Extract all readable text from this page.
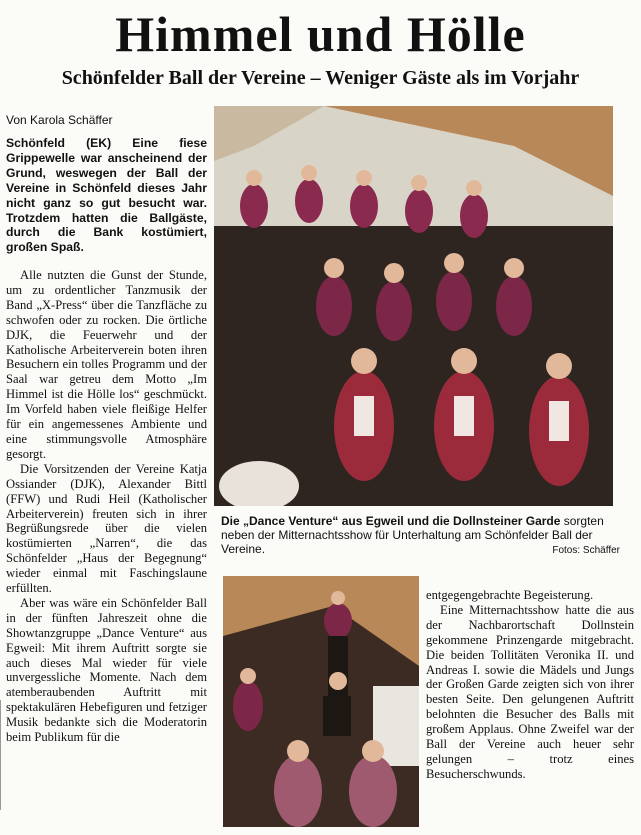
Himmel und Hölle
Schönfelder Ball der Vereine – Weniger Gäste als im Vorjahr
Von Karola Schäffer
Schönfeld (EK) Eine fiese Grippewelle war anscheinend der Grund, weswegen der Ball der Vereine in Schönfeld dieses Jahr nicht ganz so gut besucht war. Trotzdem hatten die Ballgäste, durch die Bank kostümiert, großen Spaß.

Alle nutzten die Gunst der Stunde, um zu ordentlicher Tanzmusik der Band „X-Press“ über die Tanzfläche zu schwofen oder zu rocken. Die örtliche DJK, die Feuerwehr und der Katholische Arbeiterverein boten ihren Besuchern ein tolles Programm und der Saal war getreu dem Motto „Im Himmel ist die Hölle los“ geschmückt. Im Vorfeld haben viele fleißige Helfer für ein angemessenes Ambiente und eine stimmungsvolle Atmosphäre gesorgt.

Die Vorsitzenden der Vereine Katja Ossiander (DJK), Alexander Bittl (FFW) und Rudi Heil (Katholischer Arbeiterverein) freuten sich in ihrer Begrüßungsrede über die vielen kostümierten „Narren“, die das Schönfelder „Haus der Begegnung“ wieder einmal mit Faschingslaune erfüllten.

Aber was wäre ein Schönfelder Ball in der fünften Jahreszeit ohne die Showtanzgruppe „Dance Venture“ aus Egweil: Mit ihrem Auftritt sorgte sie auch dieses Mal wieder für viele unvergessliche Momente. Nach dem atemberaubenden Auftritt mit spektakulären Hebefiguren und fetziger Musik bedankte sich die Moderatorin beim Publikum für die

Die „Dance Venture“ aus Egweil und die Dollnsteiner Garde sorgten neben der Mitternachtsshow für Unterhaltung am Schönfelder Ball der Vereine.	Fotos: Schäffer

entgegengebrachte Begeisterung.

Eine Mitternachtsshow hatte die aus der Nachbarortschaft Dollnstein gekommene Prinzengarde mitgebracht. Die beiden Tollitäten Veronika II. und Andreas I. sowie die Mädels und Jungs der Großen Garde zeigten sich von ihrer besten Seite. Den gelungenen Auftritt belohnten die Besucher des Balls mit großem Applaus. Ohne Zweifel war der Ball der Vereine auch heuer sehr gelungen – trotz eines Besucherschwunds.
